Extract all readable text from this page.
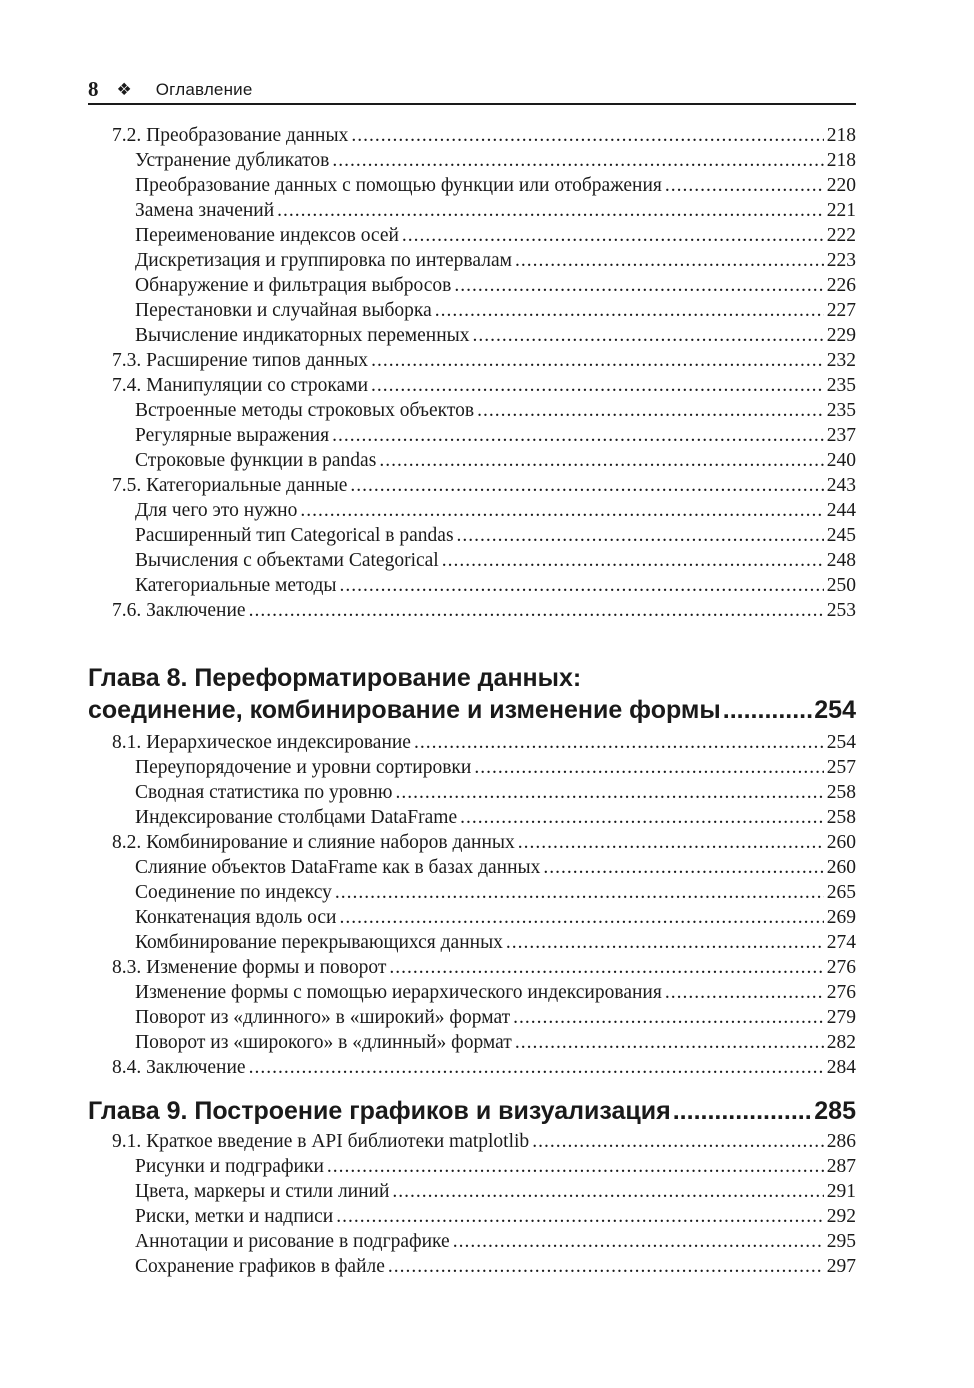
8 ❖ Оглавление
7.2. Преобразование данных .....	218
Устранение дубликатов .....	218
Преобразование данных с помощью функции или отображения .....	220
Замена значений .....	221
Переименование индексов осей .....	222
Дискретизация и группировка по интервалам .....	223
Обнаружение и фильтрация выбросов .....	226
Перестановки и случайная выборка .....	227
Вычисление индикаторных переменных .....	229
7.3. Расширение типов данных .....	232
7.4. Манипуляции со строками .....	235
Встроенные методы строковых объектов .....	235
Регулярные выражения .....	237
Строковые функции в pandas .....	240
7.5. Категориальные данные .....	243
Для чего это нужно .....	244
Расширенный тип Categorical в pandas .....	245
Вычисления с объектами Categorical .....	248
Категориальные методы .....	250
7.6. Заключение .....	253
Глава 8. Переформатирование данных:
соединение, комбинирование и изменение формы .....	254
8.1. Иерархическое индексирование .....	254
Переупорядочение и уровни сортировки .....	257
Сводная статистика по уровню .....	258
Индексирование столбцами DataFrame .....	258
8.2. Комбинирование и слияние наборов данных .....	260
Слияние объектов DataFrame как в базах данных .....	260
Соединение по индексу .....	265
Конкатенация вдоль оси .....	269
Комбинирование перекрывающихся данных .....	274
8.3. Изменение формы и поворот .....	276
Изменение формы с помощью иерархического индексирования .....	276
Поворот из «длинного» в «широкий» формат .....	279
Поворот из «широкого» в «длинный» формат .....	282
8.4. Заключение .....	284
Глава 9. Построение графиков и визуализация .....	285
9.1. Краткое введение в API библиотеки matplotlib .....	286
Рисунки и подграфики .....	287
Цвета, маркеры и стили линий .....	291
Риски, метки и надписи .....	292
Аннотации и рисование в подграфике .....	295
Сохранение графиков в файле .....	297
